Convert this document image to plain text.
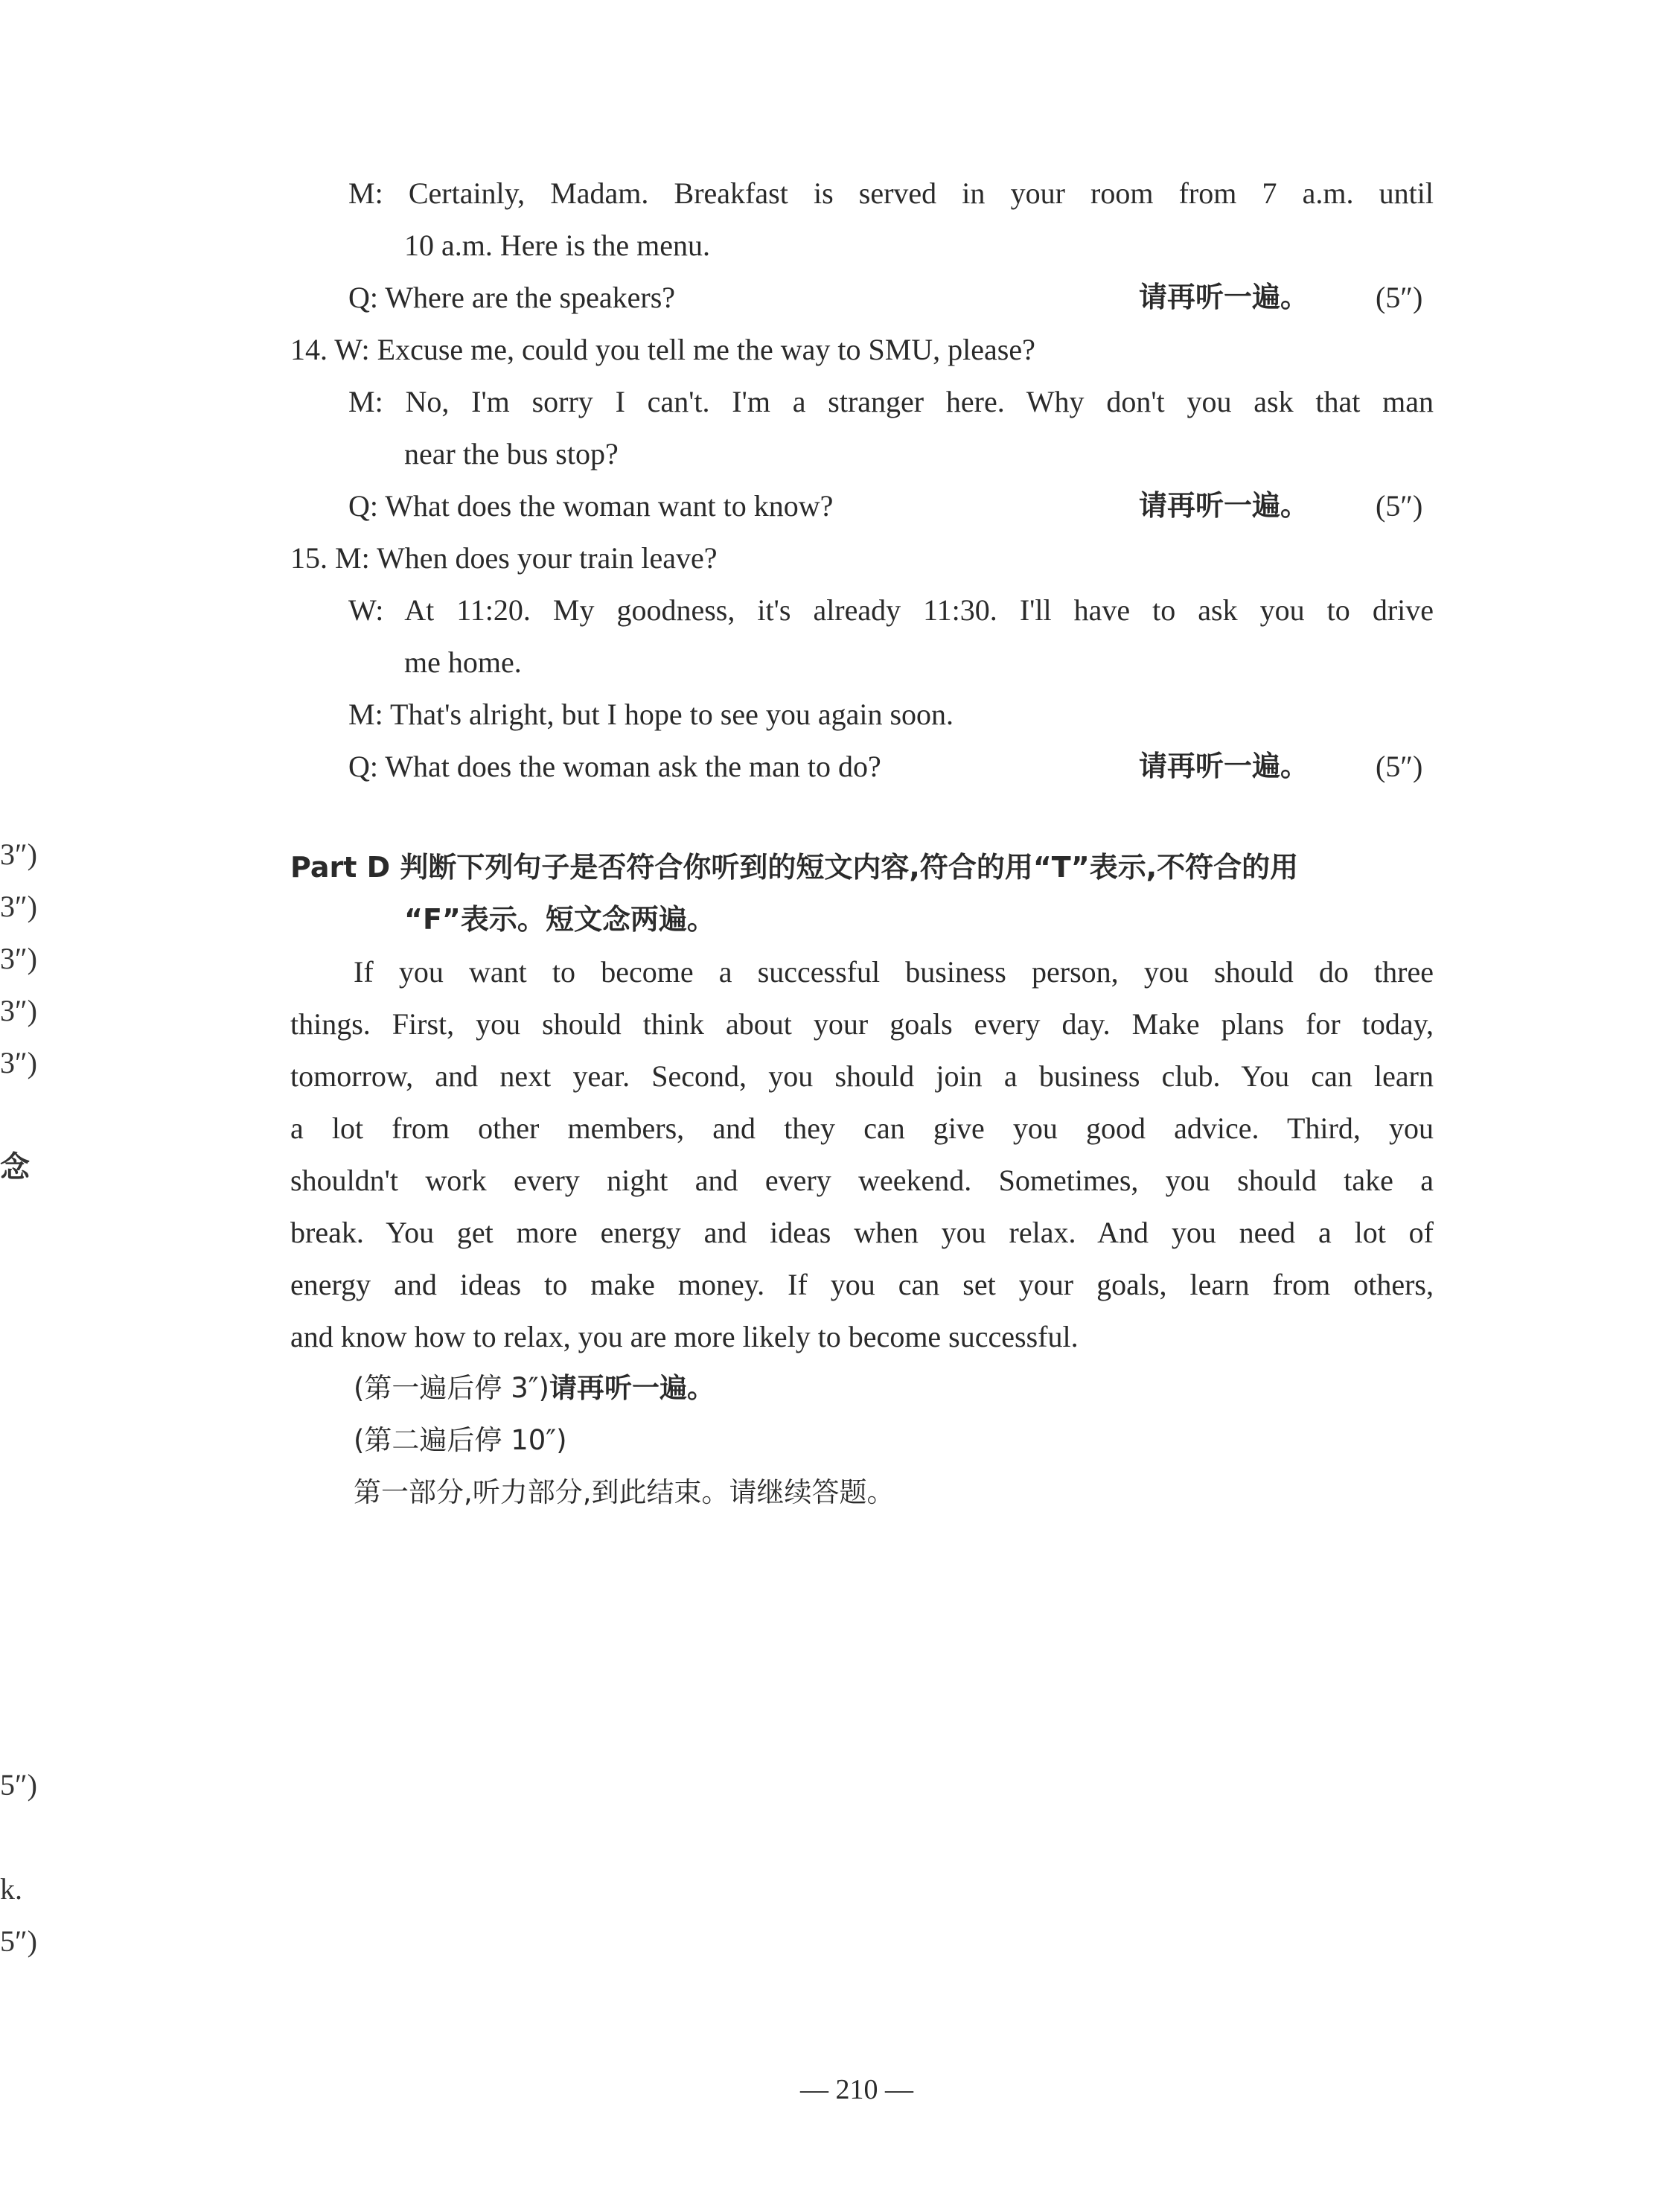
3″)
3″)
3″)
3″)
3″)
念
5″)
k.
5″)
M: Certainly, Madam. Breakfast is served in your room from 7 a.m. until
10 a.m. Here is the menu.
Q: Where are the speakers?	请再听一遍。 (5″)
14. W: Excuse me, could you tell me the way to SMU, please?
M: No, I'm sorry I can't. I'm a stranger here. Why don't you ask that man
near the bus stop?
Q: What does the woman want to know?	请再听一遍。 (5″)
15. M: When does your train leave?
W: At 11:20. My goodness, it's already 11:30. I'll have to ask you to drive
me home.
M: That's alright, but I hope to see you again soon.
Q: What does the woman ask the man to do?	请再听一遍。 (5″)
Part D 判断下列句子是否符合你听到的短文内容,符合的用“T”表示,不符合的用
“F”表示。短文念两遍。
If you want to become a successful business person, you should do three
things. First, you should think about your goals every day. Make plans for today,
tomorrow, and next year. Second, you should join a business club. You can learn
a lot from other members, and they can give you good advice. Third, you
shouldn't work every night and every weekend. Sometimes, you should take a
break. You get more energy and ideas when you relax. And you need a lot of
energy and ideas to make money. If you can set your goals, learn from others,
and know how to relax, you are more likely to become successful.
(第一遍后停 3″)请再听一遍。
(第二遍后停 10″)
第一部分,听力部分,到此结束。请继续答题。
— 210 —
